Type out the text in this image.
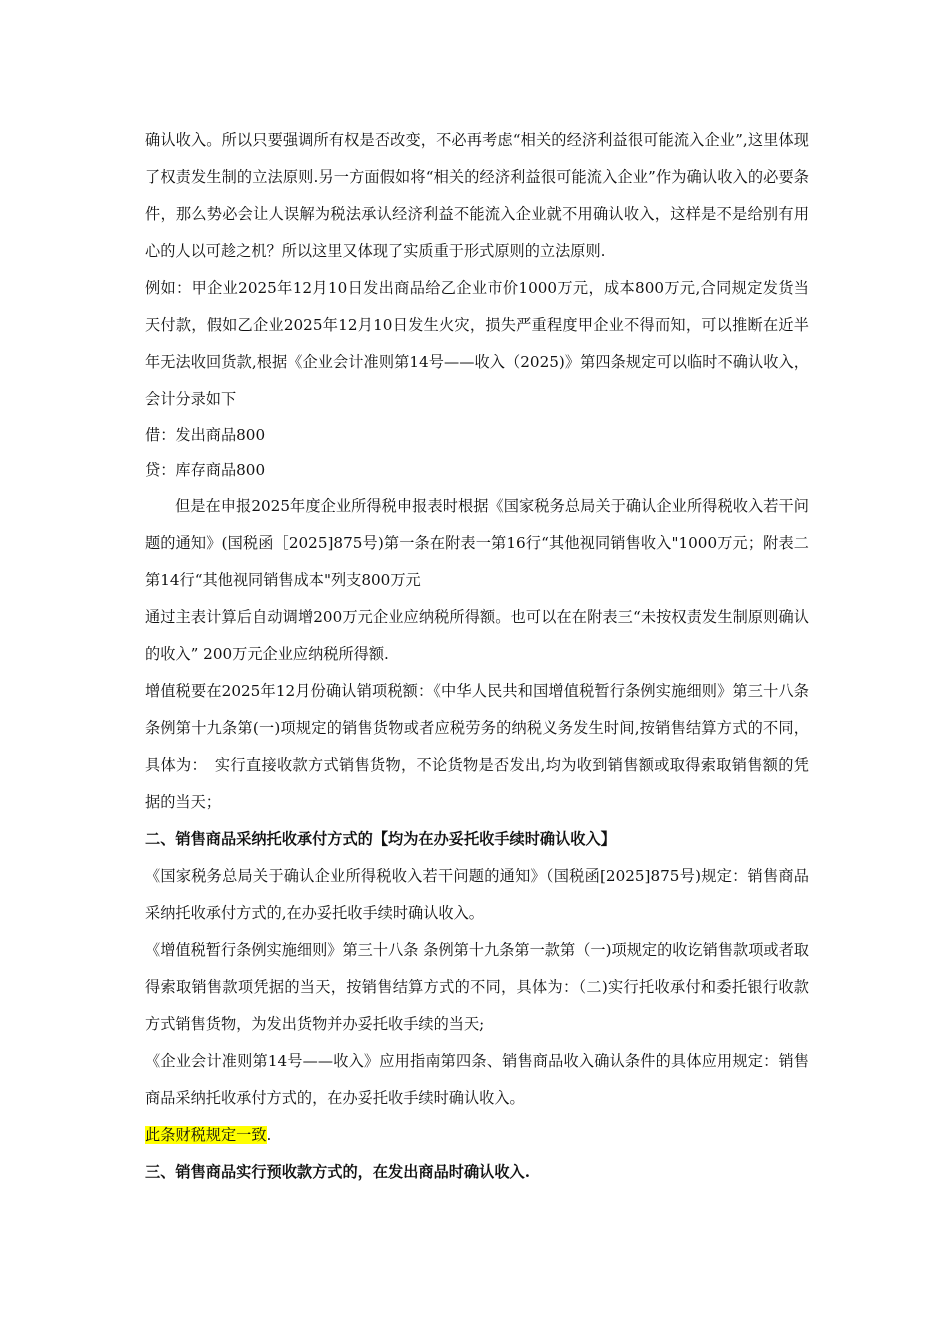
确认收入。所以只要强调所有权是否改变，不必再考虑“相关的经济利益很可能流入企业”,这里体现了权责发生制的立法原则.另一方面假如将“相关的经济利益很可能流入企业”作为确认收入的必要条件，那么势必会让人误解为税法承认经济利益不能流入企业就不用确认收入，这样是不是给别有用心的人以可趁之机？所以这里又体现了实质重于形式原则的立法原则.

例如：甲企业2025年12月10日发出商品给乙企业市价1000万元，成本800万元,合同规定发货当天付款，假如乙企业2025年12月10日发生火灾，损失严重程度甲企业不得而知，可以推断在近半年无法收回货款,根据《企业会计准则第14号——收入（2025)》第四条规定可以临时不确认收入，会计分录如下

借：发出商品800

贷：库存商品800

但是在申报2025年度企业所得税申报表时根据《国家税务总局关于确认企业所得税收入若干问题的通知》(国税函［2025]875号)第一条在附表一第16行“其他视同销售收入"1000万元；附表二第14行“其他视同销售成本"列支800万元

通过主表计算后自动调增200万元企业应纳税所得额。也可以在在附表三“未按权责发生制原则确认的收入” 200万元企业应纳税所得额.

增值税要在2025年12月份确认销项税额：《中华人民共和国增值税暂行条例实施细则》第三十八条　条例第十九条第(一)项规定的销售货物或者应税劳务的纳税义务发生时间,按销售结算方式的不同，具体为：　实行直接收款方式销售货物，不论货物是否发出,均为收到销售额或取得索取销售额的凭据的当天；

二、销售商品采纳托收承付方式的【均为在办妥托收手续时确认收入】

《国家税务总局关于确认企业所得税收入若干问题的通知》（国税函[2025]875号)规定：销售商品采纳托收承付方式的,在办妥托收手续时确认收入。

《增值税暂行条例实施细则》第三十八条 条例第十九条第一款第（一)项规定的收讫销售款项或者取得索取销售款项凭据的当天，按销售结算方式的不同，具体为：（二)实行托收承付和委托银行收款方式销售货物，为发出货物并办妥托收手续的当天;

《企业会计准则第14号——收入》应用指南第四条、销售商品收入确认条件的具体应用规定：销售商品采纳托收承付方式的，在办妥托收手续时确认收入。

此条财税规定一致.

三、销售商品实行预收款方式的，在发出商品时确认收入.
